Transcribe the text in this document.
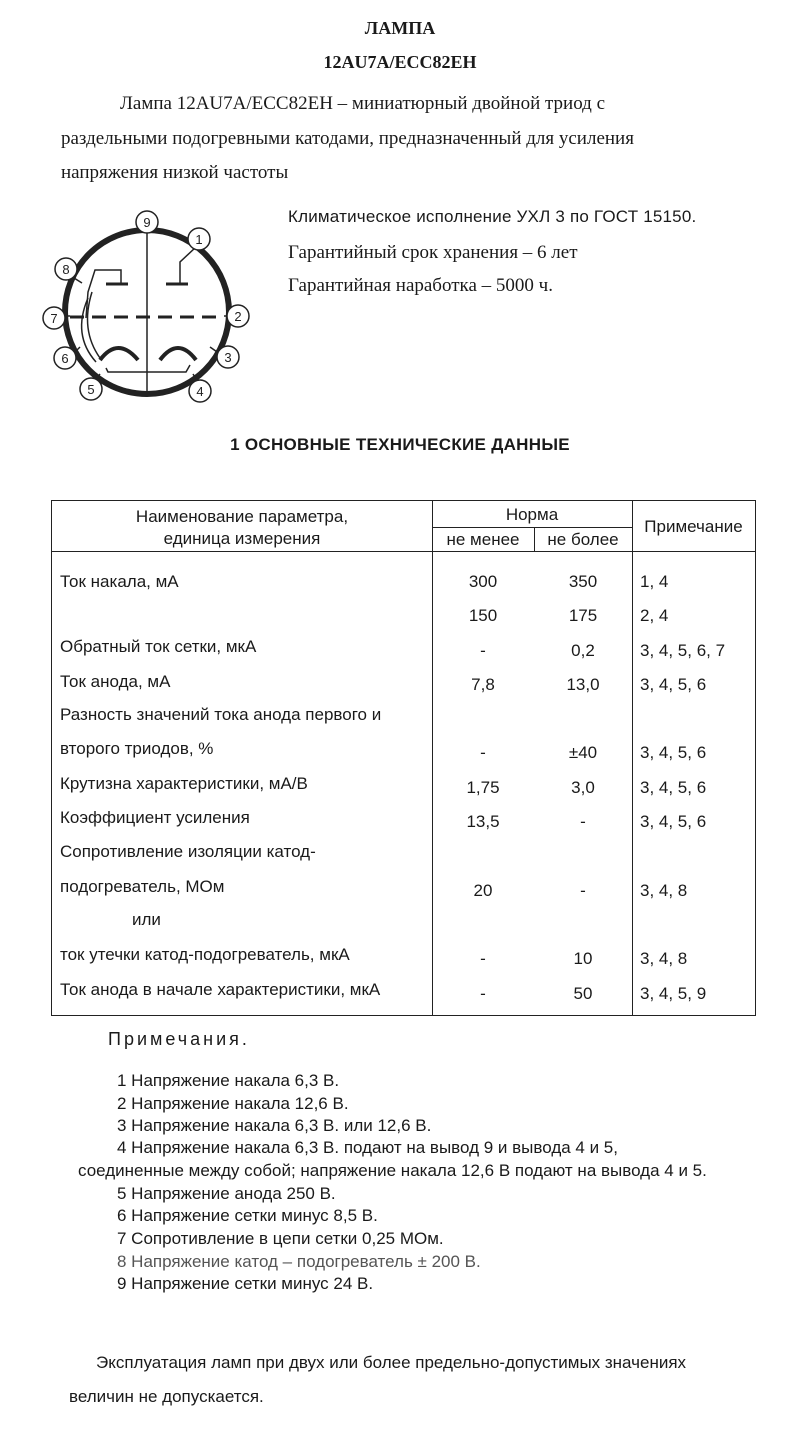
ЛАМПА
12AU7A/ECC82EH
Лампа 12AU7A/ECC82EH – миниатюрный двойной триод с
раздельными подогревными катодами, предназначенный для усиления
напряжения низкой частоты
9
1
2
3
4
5
6
7
8
Климатическое исполнение УХЛ 3 по ГОСТ 15150.
Гарантийный срок хранения – 6 лет
Гарантийная наработка – 5000 ч.
1 ОСНОВНЫЕ ТЕХНИЧЕСКИЕ ДАННЫЕ
Наименование параметра,
единица измерения
Норма
не менее	не более
Примечание
Ток накала, мА	300	350	1, 4
150	175	2, 4
Обратный ток сетки, мкА	-	0,2	3, 4, 5, 6, 7
Ток анода, мА	7,8	13,0	3, 4, 5, 6
Разность значений тока анода первого и
второго триодов, %	-	±40	3, 4, 5, 6
Крутизна характеристики, мА/В	1,75	3,0	3, 4, 5, 6
Коэффициент усиления	13,5	-	3, 4, 5, 6
Сопротивление изоляции катод-
подогреватель, МОм	20	-	3, 4, 8
или
ток утечки катод-подогреватель, мкА	-	10	3, 4, 8
Ток анода в начале характеристики, мкА	-	50	3, 4, 5, 9
Примечания.
1 Напряжение накала 6,3 В.
2 Напряжение накала 12,6 В.
3 Напряжение накала 6,3 В. или 12,6 В.
4 Напряжение накала 6,3 В. подают на вывод 9 и вывода 4 и 5,
соединенные между собой; напряжение накала 12,6 В подают на вывода 4 и 5.
5 Напряжение анода 250 В.
6 Напряжение сетки минус 8,5 В.
7 Сопротивление в цепи сетки 0,25 МОм.
8 Напряжение катод – подогреватель ± 200 В.
9 Напряжение сетки минус 24 В.
Эксплуатация ламп при двух или более предельно-допустимых значениях
величин не допускается.
